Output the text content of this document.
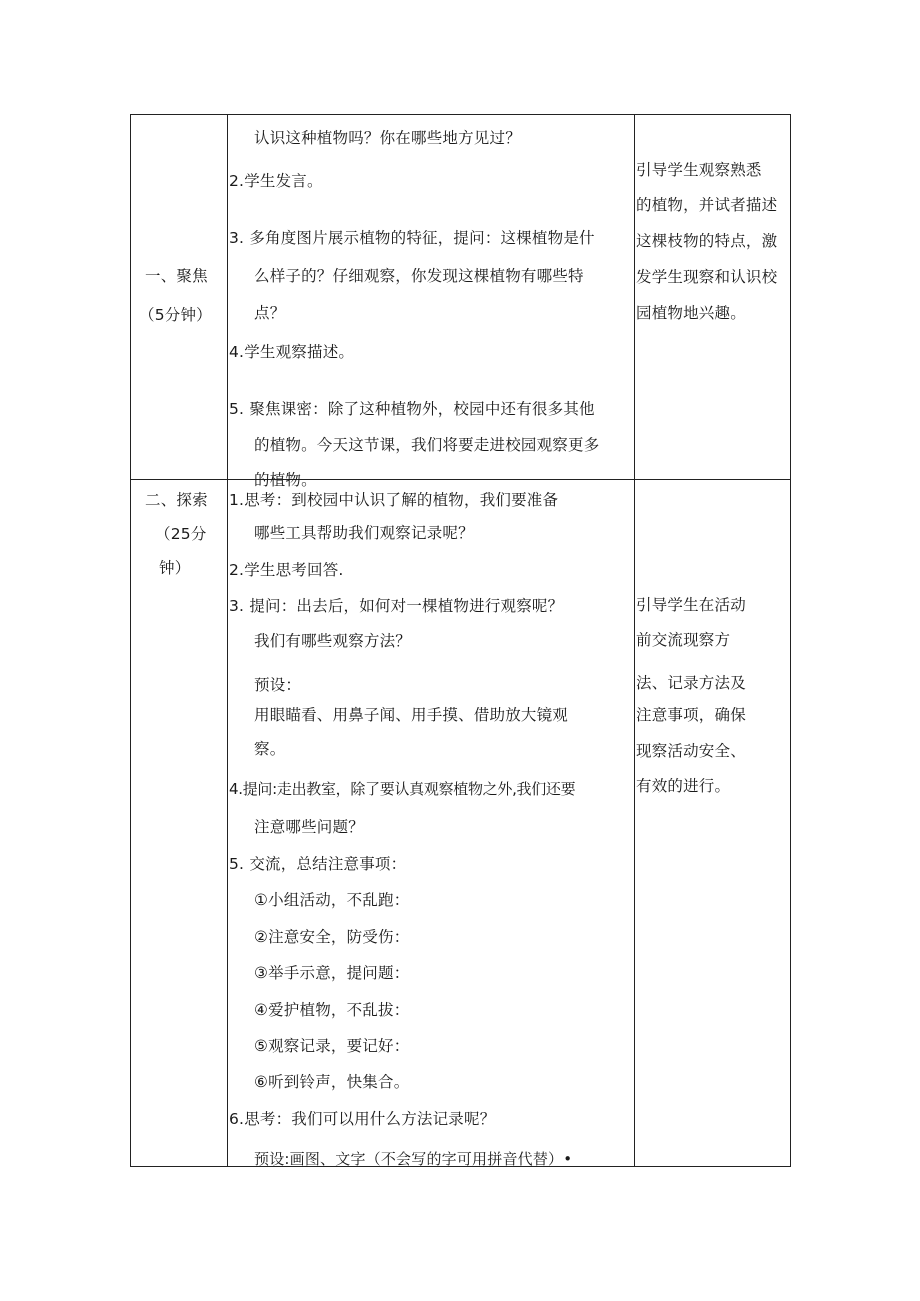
一、聚焦
（5分钟）
认识这种植物吗？你在哪些地方见过？
2.学生发言。
3. 多角度图片展示植物的特征，提问：这棵植物是什
么样子的？仔细观察，你发现这棵植物有哪些特
点？
4.学生观察描述。
5. 聚焦课密：除了这种植物外，校园中还有很多其他
的植物。今天这节课，我们将要走进校园观察更多
的植物。
引导学生观察熟悉
的植物，并试者描述
这棵枝物的特点，激
发学生现察和认识校
园植物地兴趣。
二、探索
（25分
钟）
1.思考：到校园中认识了解的植物，我们要准备
哪些工具帮助我们观察记录呢？
2.学生思考回答.
3. 提问：出去后，如何对一棵植物进行观察呢？
我们有哪些观察方法？
预设：
用眼瞄看、用鼻子闻、用手摸、借助放大镜观
察。
4.提问:走出教室，除了要认真观察植物之外,我们还要
注意哪些问题？
5. 交流，总结注意事项：
①小组活动，不乱跑：
②注意安全，防受伤：
③举手示意，提问题：
④爱护植物，不乱拔：
⑤观察记录，要记好：
⑥听到铃声，快集合。
6.思考：我们可以用什么方法记录呢？
预设:画图、文字（不会写的字可用拼音代替）•
引导学生在活动
前交流现察方
法、记录方法及
注意事项，确保
现察活动安全、
有效的进行。
